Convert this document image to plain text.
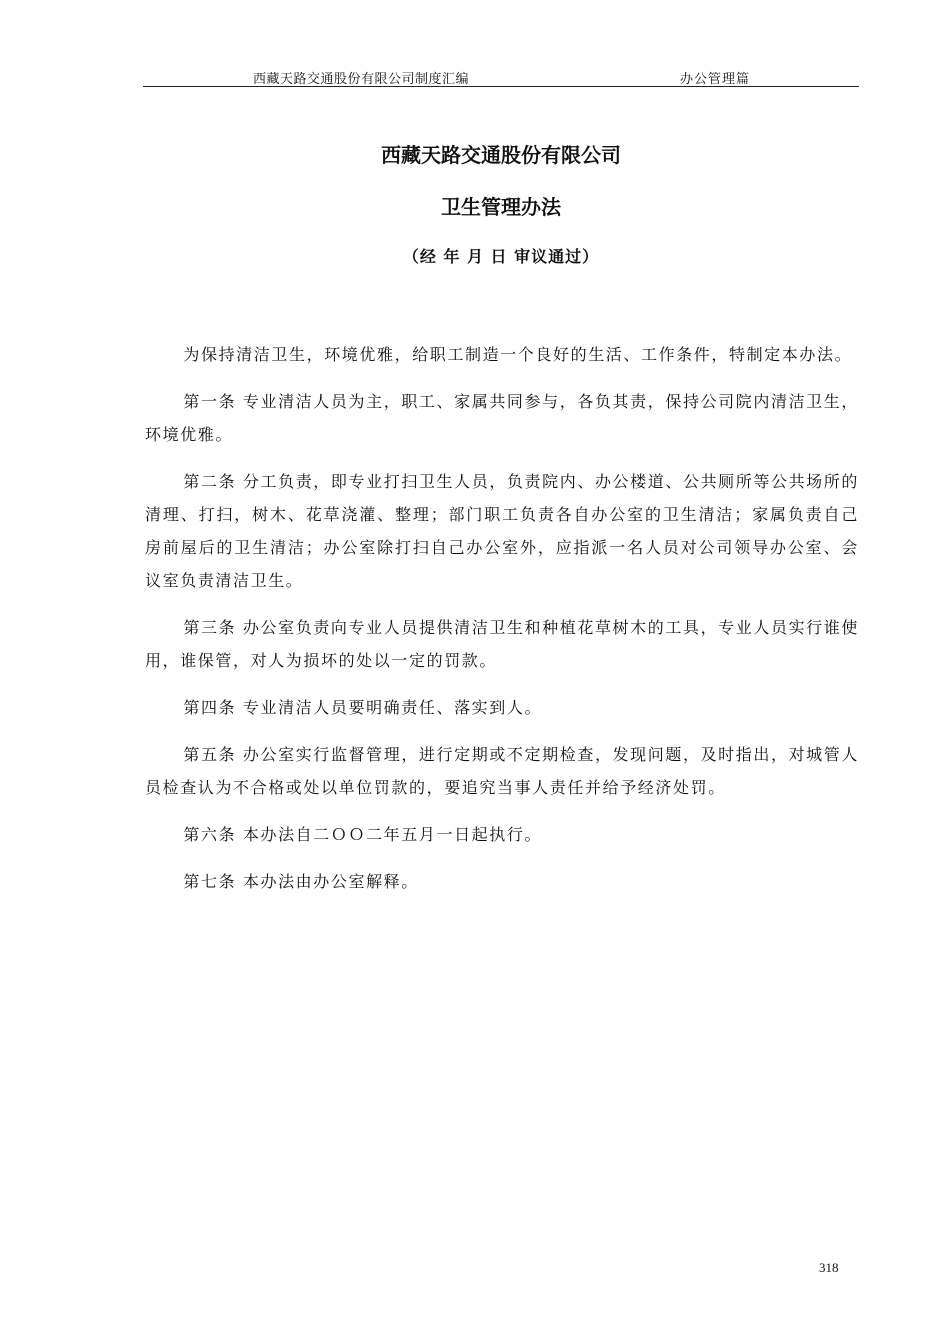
西藏天路交通股份有限公司制度汇编	办公管理篇
西藏天路交通股份有限公司
卫生管理办法
（经 年 月 日 审议通过）

为保持清洁卫生，环境优雅，给职工制造一个良好的生活、工作条件，特制定本办法。

第一条 专业清洁人员为主，职工、家属共同参与，各负其责，保持公司院内清洁卫生，环境优雅。

第二条 分工负责，即专业打扫卫生人员，负责院内、办公楼道、公共厕所等公共场所的清理、打扫，树木、花草浇灌、整理；部门职工负责各自办公室的卫生清洁；家属负责自己房前屋后的卫生清洁；办公室除打扫自己办公室外，应指派一名人员对公司领导办公室、会议室负责清洁卫生。

第三条 办公室负责向专业人员提供清洁卫生和种植花草树木的工具，专业人员实行谁使用，谁保管，对人为损坏的处以一定的罚款。

第四条 专业清洁人员要明确责任、落实到人。

第五条 办公室实行监督管理，进行定期或不定期检查，发现问题，及时指出，对城管人员检查认为不合格或处以单位罚款的，要追究当事人责任并给予经济处罚。

第六条 本办法自二ＯＯ二年五月一日起执行。

第七条 本办法由办公室解释。

318
